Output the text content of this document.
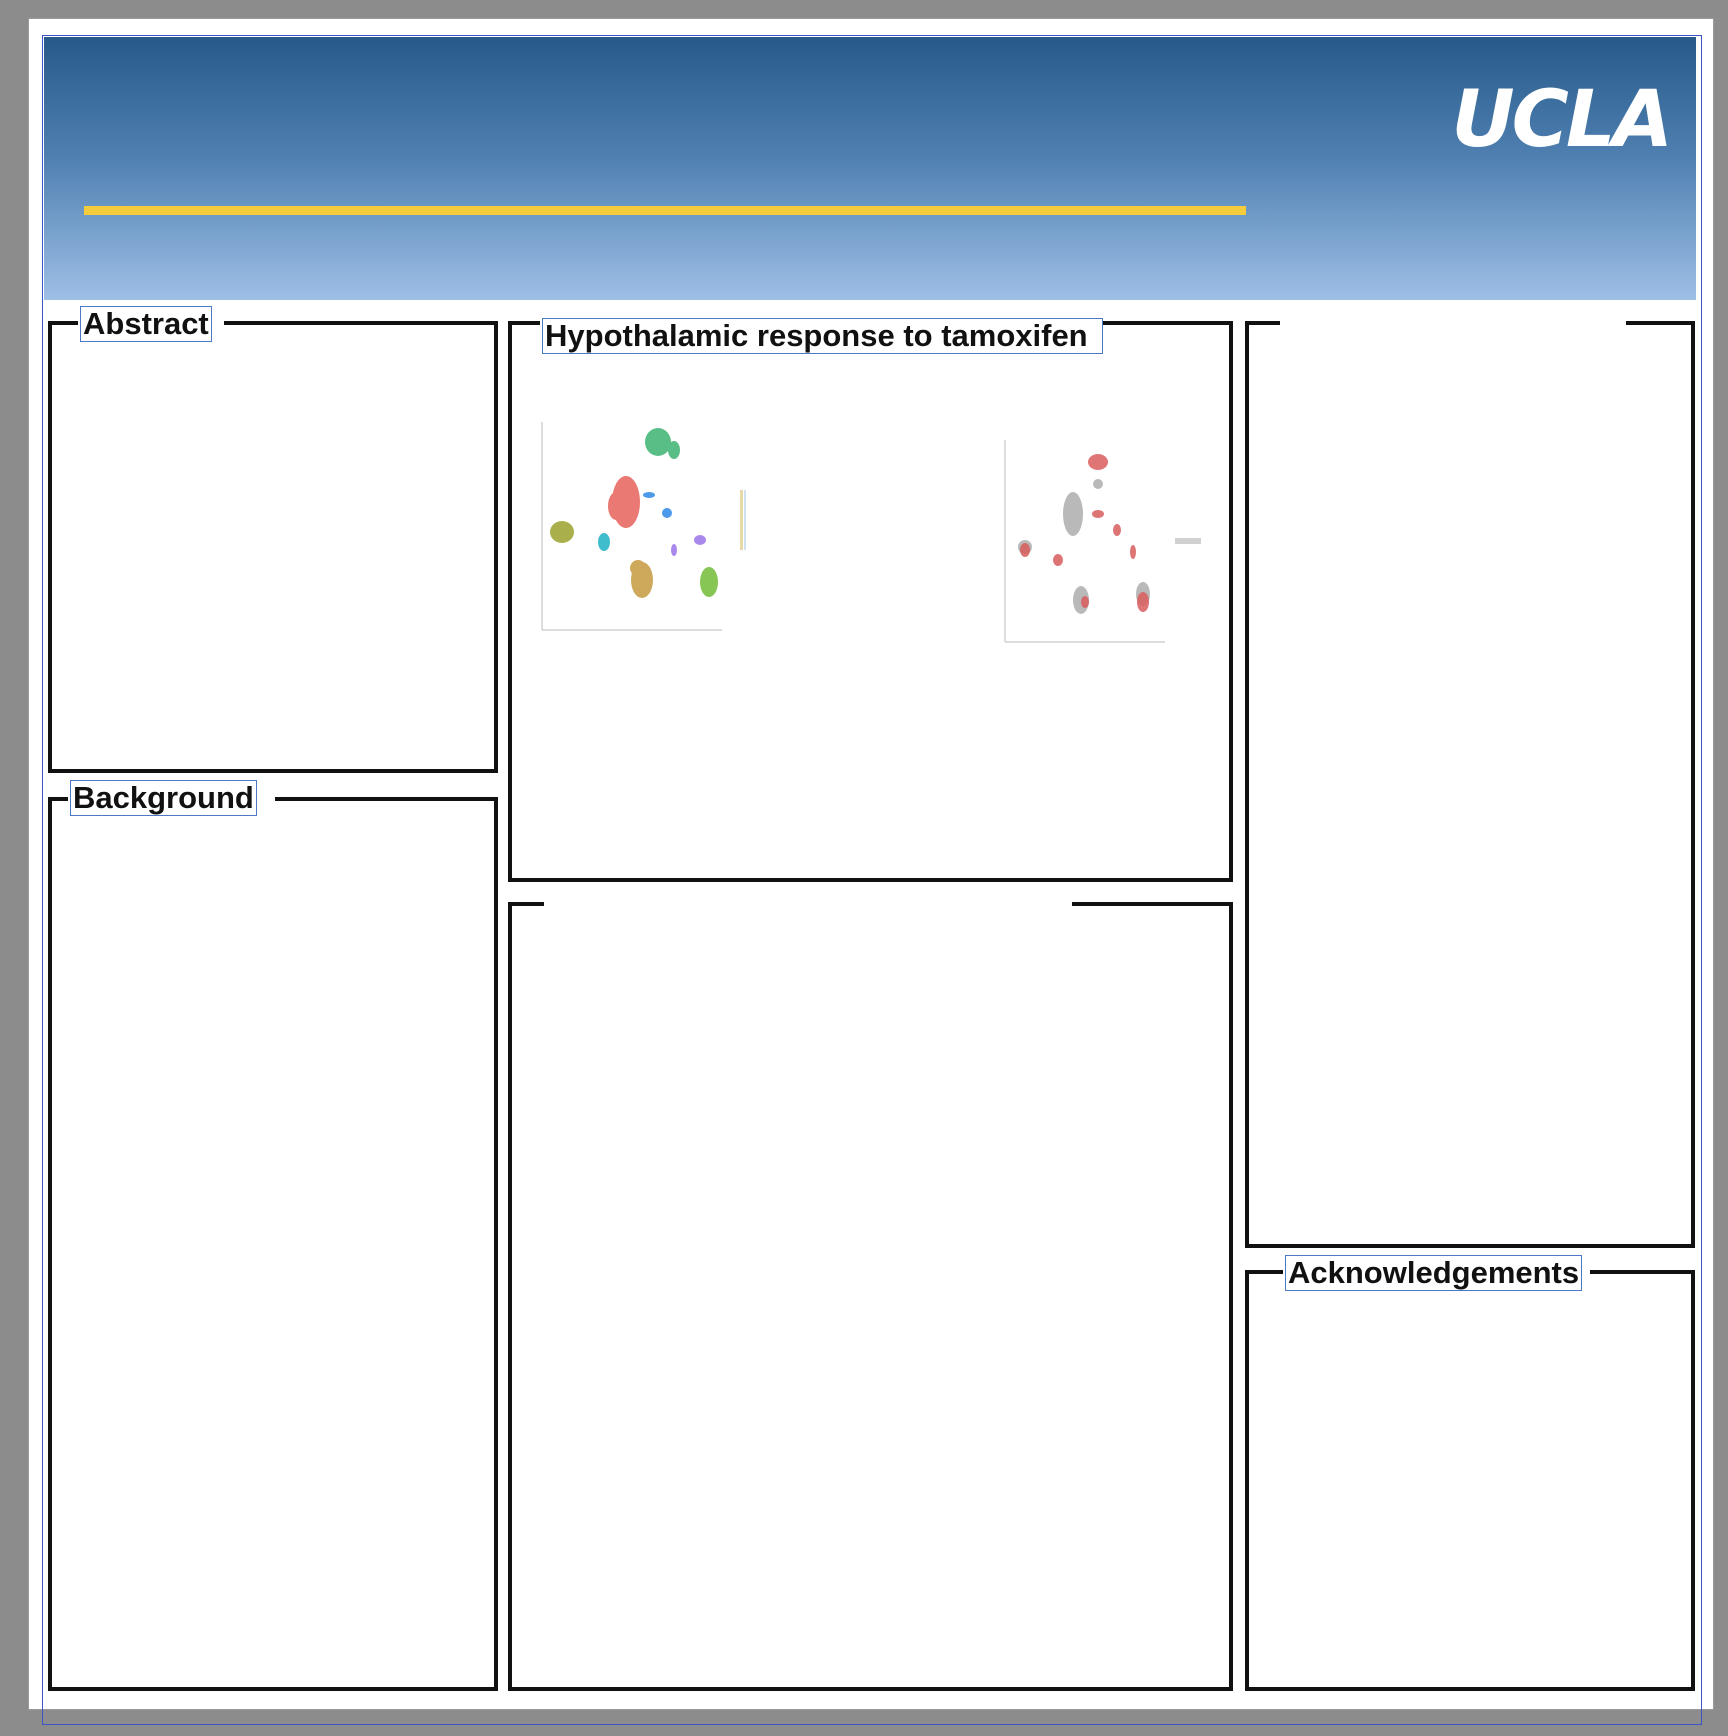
UCLA
Abstract
Background
Hypothalamic response to tamoxifen
Acknowledgements
